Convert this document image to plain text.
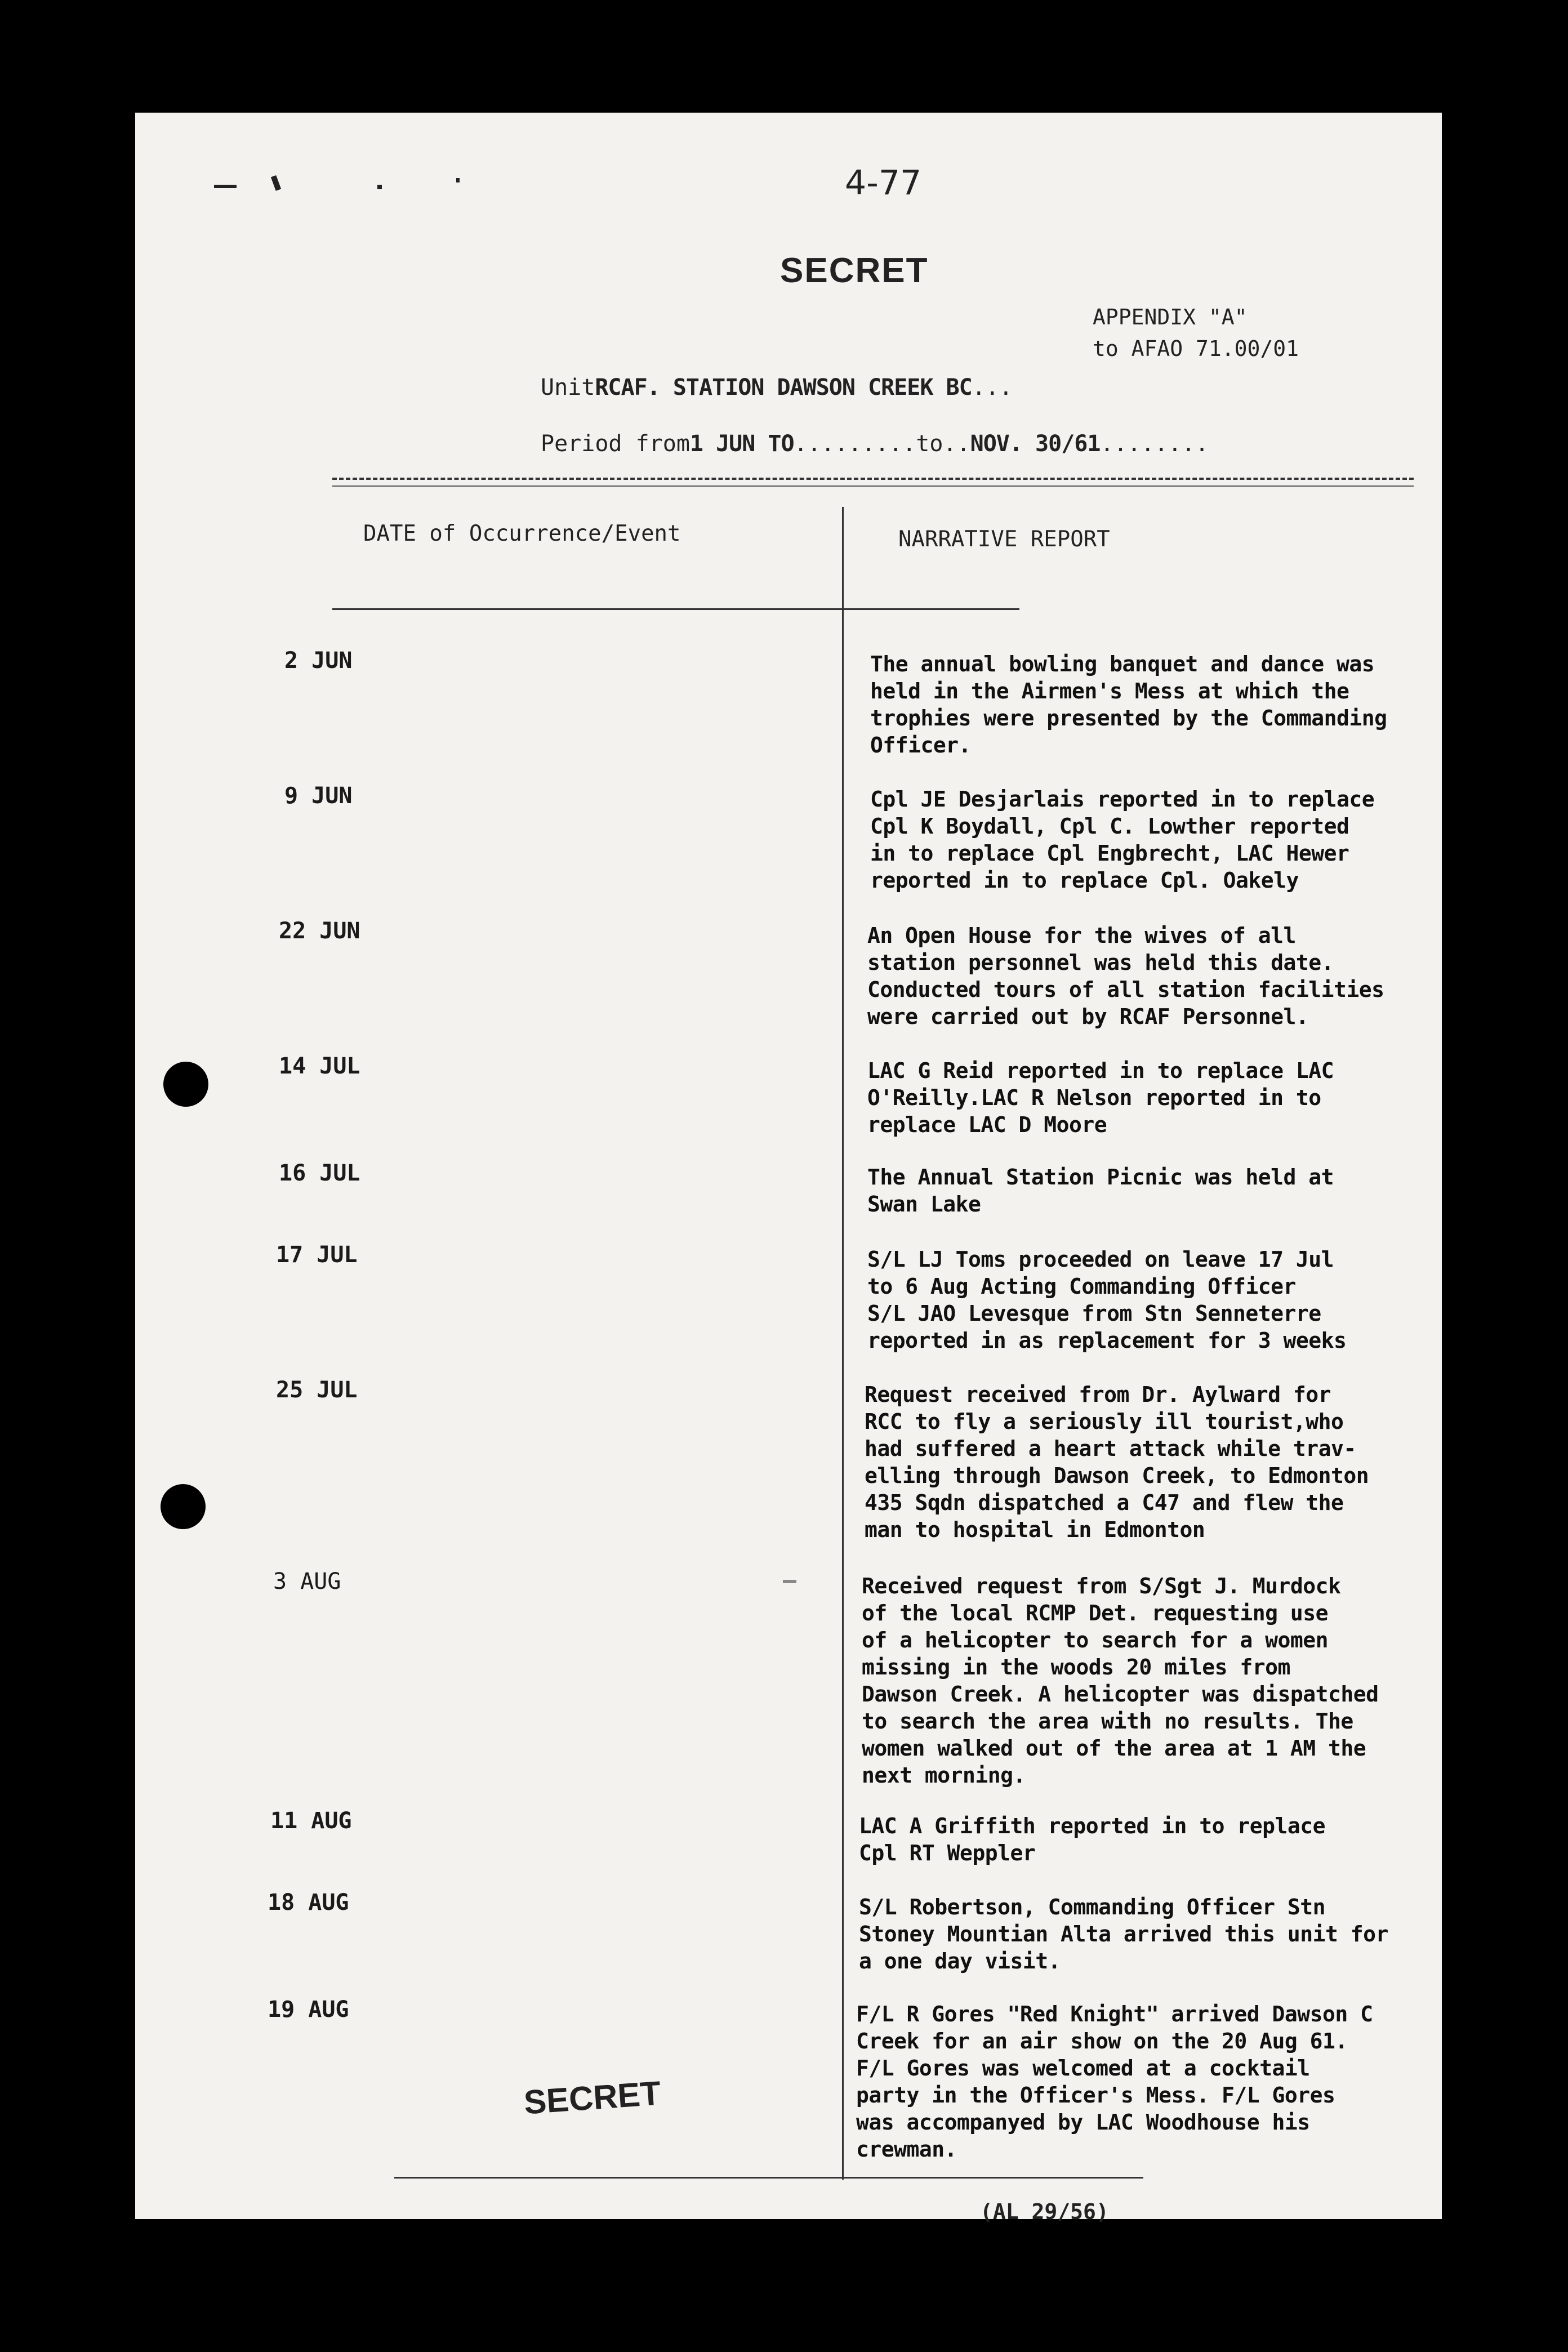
4-77
SECRET
APPENDIX "A"
to AFAO 71.00/01
UnitRCAF. STATION DAWSON CREEK BC...
Period from1 JUN TO.........to..NOV. 30/61........
DATE of Occurrence/Event	NARRATIVE REPORT
2 JUN	The annual bowling banquet and dance was
held in the Airmen's Mess at which the
trophies were presented by the Commanding
Officer.
9 JUN	Cpl JE Desjarlais reported in to replace
Cpl K Boydall, Cpl C. Lowther reported
in to replace Cpl Engbrecht, LAC Hewer
reported in to replace Cpl. Oakely
22 JUN	An Open House for the wives of all
station personnel was held this date.
Conducted tours of all station facilities
were carried out by RCAF Personnel.
14 JUL	LAC G Reid reported in to replace LAC
O'Reilly.LAC R Nelson reported in to
replace LAC D Moore
16 JUL	The Annual Station Picnic was held at
Swan Lake
17 JUL	S/L LJ Toms proceeded on leave 17 Jul
to 6 Aug Acting Commanding Officer
S/L JAO Levesque from Stn Senneterre
reported in as replacement for 3 weeks
25 JUL	Request received from Dr. Aylward for
RCC to fly a seriously ill tourist,who
had suffered a heart attack while trav-
elling through Dawson Creek, to Edmonton
435 Sqdn dispatched a C47 and flew the
man to hospital in Edmonton
3 AUG	Received request from S/Sgt J. Murdock
of the local RCMP Det. requesting use
of a helicopter to search for a women
missing in the woods 20 miles from
Dawson Creek. A helicopter was dispatched
to search the area with no results. The
women walked out of the area at 1 AM the
next morning.
11 AUG	LAC A Griffith reported in to replace
Cpl RT Weppler
18 AUG	S/L Robertson, Commanding Officer Stn
Stoney Mountian Alta arrived this unit for
a one day visit.
19 AUG	F/L R Gores "Red Knight" arrived Dawson C
Creek for an air show on the 20 Aug 61.
F/L Gores was welcomed at a cocktail
party in the Officer's Mess. F/L Gores
was accompanyed by LAC Woodhouse his
crewman.
SECRET
(AL 29/56)
